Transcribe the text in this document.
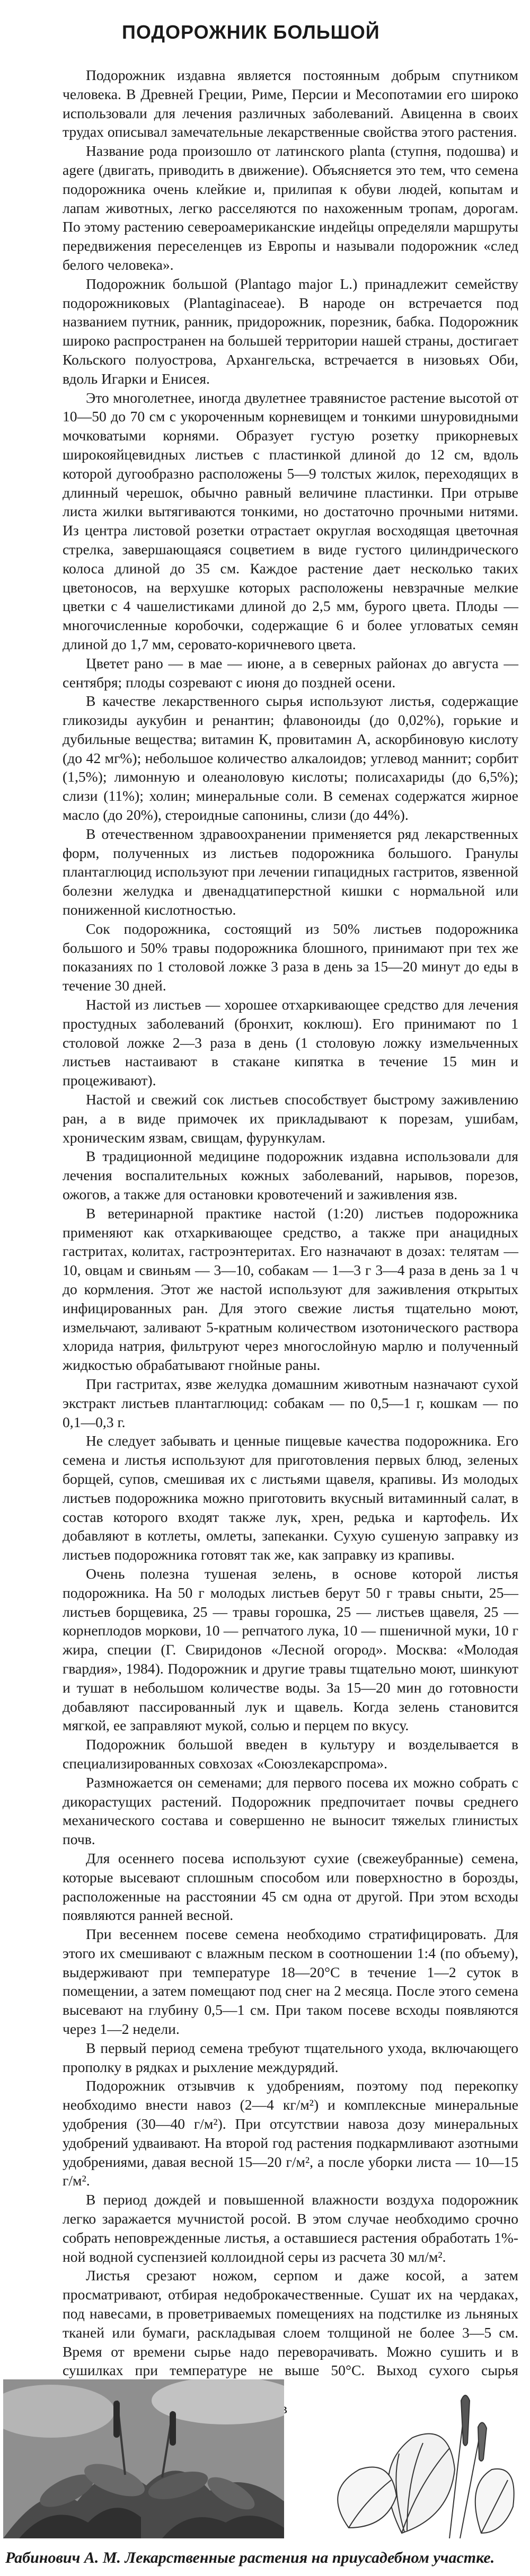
ПОДОРОЖНИК БОЛЬШОЙ

Подорожник издавна является постоянным добрым спутником человека. В Древней Греции, Риме, Персии и Месопотамии его широко использовали для лечения различных заболеваний. Авиценна в своих трудах описывал замечательные лекарственные свойства этого растения.

Название рода произошло от латинского planta (ступня, подошва) и agere (двигать, приводить в движение). Объясняется это тем, что семена подорожника очень клейкие и, прилипая к обуви людей, копытам и лапам животных, легко расселяются по нахоженным тропам, дорогам. По этому растению североамериканские индейцы определяли маршруты передвижения переселенцев из Европы и называли подорожник «след белого человека».

Подорожник большой (Plantago major L.) принадлежит семейству подорожниковых (Plantaginaceae). В народе он встречается под названием путник, ранник, придорожник, порезник, бабка. Подорожник широко распространен на большей территории нашей страны, достигает Кольского полуострова, Архангельска, встречается в низовьях Оби, вдоль Игарки и Енисея.

Это многолетнее, иногда двулетнее травянистое растение высотой от 10—50 до 70 см с укороченным корневищем и тонкими шнуровидными мочковатыми корнями. Образует густую розетку прикорневых широкояйцевидных листьев с пластинкой длиной до 12 см, вдоль которой дугообразно расположены 5—9 толстых жилок, переходящих в длинный черешок, обычно равный величине пластинки. При отрыве листа жилки вытягиваются тонкими, но достаточно прочными нитями. Из центра листовой розетки отрастает округлая восходящая цветочная стрелка, завершающаяся соцветием в виде густого цилиндрического колоса длиной до 35 см. Каждое растение дает несколько таких цветоносов, на верхушке которых расположены невзрачные мелкие цветки с 4 чашелистиками длиной до 2,5 мм, бурого цвета. Плоды — многочисленные коробочки, содержащие 6 и более угловатых семян длиной до 1,7 мм, серовато-коричневого цвета.

Цветет рано — в мае — июне, а в северных районах до августа — сентября; плоды созревают с июня до поздней осени.

В качестве лекарственного сырья используют листья, содержащие гликозиды аукубин и ренантин; флавоноиды (до 0,02%), горькие и дубильные вещества; витамин К, провитамин А, аскорбиновую кислоту (до 42 мг%); небольшое количество алкалоидов; углевод маннит; сорбит (1,5%); лимонную и олеаноловую кислоты; полисахариды (до 6,5%); слизи (11%); холин; минеральные соли. В семенах содержатся жирное масло (до 20%), стероидные сапонины, слизи (до 44%).

В отечественном здравоохранении применяется ряд лекарственных форм, полученных из листьев подорожника большого. Гранулы плантаглюцид используют при лечении гипацидных гастритов, язвенной болезни желудка и двенадцатиперстной кишки с нормальной или пониженной кислотностью.

Сок подорожника, состоящий из 50% листьев подорожника большого и 50% травы подорожника блошного, принимают при тех же показаниях по 1 столовой ложке 3 раза в день за 15—20 минут до еды в течение 30 дней.

Настой из листьев — хорошее отхаркивающее средство для лечения простудных заболеваний (бронхит, коклюш). Его принимают по 1 столовой ложке 2—3 раза в день (1 столовую ложку измельченных листьев настаивают в стакане кипятка в течение 15 мин и процеживают).

Настой и свежий сок листьев способствует быстрому заживлению ран, а в виде примочек их прикладывают к порезам, ушибам, хроническим язвам, свищам, фурункулам.

В традиционной медицине подорожник издавна использовали для лечения воспалительных кожных заболеваний, нарывов, порезов, ожогов, а также для остановки кровотечений и заживления язв.

В ветеринарной практике настой (1:20) листьев подорожника применяют как отхаркивающее средство, а также при анацидных гастритах, колитах, гастроэнтеритах. Его назначают в дозах: телятам — 10, овцам и свиньям — 3—10, собакам — 1—3 г 3—4 раза в день за 1 ч до кормления. Этот же настой используют для заживления открытых инфицированных ран. Для этого свежие листья тщательно моют, измельчают, заливают 5-кратным количеством изотонического раствора хлорида натрия, фильтруют через многослойную марлю и полученный жидкостью обрабатывают гнойные раны.

При гастритах, язве желудка домашним животным назначают сухой экстракт листьев плантаглюцид: собакам — по 0,5—1 г, кошкам — по 0,1—0,3 г.

Не следует забывать и ценные пищевые качества подорожника. Его семена и листья используют для приготовления первых блюд, зеленых борщей, супов, смешивая их с листьями щавеля, крапивы. Из молодых листьев подорожника можно приготовить вкусный витаминный салат, в состав которого входят также лук, хрен, редька и картофель. Их добавляют в котлеты, омлеты, запеканки. Сухую сушеную заправку из листьев подорожника готовят так же, как заправку из крапивы.

Очень полезна тушеная зелень, в основе которой листья подорожника. На 50 г молодых листьев берут 50 г травы сныти, 25— листьев борщевика, 25 — травы горошка, 25 — листьев щавеля, 25 — корнеплодов моркови, 10 — репчатого лука, 10 — пшеничной муки, 10 г жира, специи (Г. Свиридонов «Лесной огород». Москва: «Молодая гвардия», 1984). Подорожник и другие травы тщательно моют, шинкуют и тушат в небольшом количестве воды. За 15—20 мин до готовности добавляют пассированный лук и щавель. Когда зелень становится мягкой, ее заправляют мукой, солью и перцем по вкусу.

Подорожник большой введен в культуру и возделывается в специализированных совхозах «Союзлекарспрома».

Размножается он семенами; для первого посева их можно собрать с дикорастущих растений. Подорожник предпочитает почвы среднего механического состава и совершенно не выносит тяжелых глинистых почв.

Для осеннего посева используют сухие (свежеубранные) семена, которые высевают сплошным способом или поверхностно в борозды, расположенные на расстоянии 45 см одна от другой. При этом всходы появляются ранней весной.

При весеннем посеве семена необходимо стратифицировать. Для этого их смешивают с влажным песком в соотношении 1:4 (по объему), выдерживают при температуре 18—20°С в течение 1—2 суток в помещении, а затем помещают под снег на 2 месяца. После этого семена высевают на глубину 0,5—1 см. При таком посеве всходы появляются через 1—2 недели.

В первый период семена требуют тщательного ухода, включающего прополку в рядках и рыхление междурядий.

Подорожник отзывчив к удобрениям, поэтому под перекопку необходимо внести навоз (2—4 кг/м²) и комплексные минеральные удобрения (30—40 г/м²). При отсутствии навоза дозу минеральных удобрений удваивают. На второй год растения подкармливают азотными удобрениями, давая весной 15—20 г/м², а после уборки листа — 10—15 г/м².

В период дождей и повышенной влажности воздуха подорожник легко заражается мучнистой росой. В этом случае необходимо срочно собрать неповрежденные листья, а оставшиеся растения обработать 1%-ной водной суспензией коллоидной серы из расчета 30 мл/м².

Листья срезают ножом, серпом и даже косой, а затем просматривают, отбирая недоброкачественные. Сушат их на чердаках, под навесами, в проветриваемых помещениях на подстилке из льняных тканей или бумаги, раскладывая слоем толщиной не более 3—5 см. Время от времени сырье надо переворачивать. Можно сушить и в сушилках при температуре не выше 50°С. Выход сухого сырья

Рабинович А. М. Лекарственные растения на приусадебном участке.
